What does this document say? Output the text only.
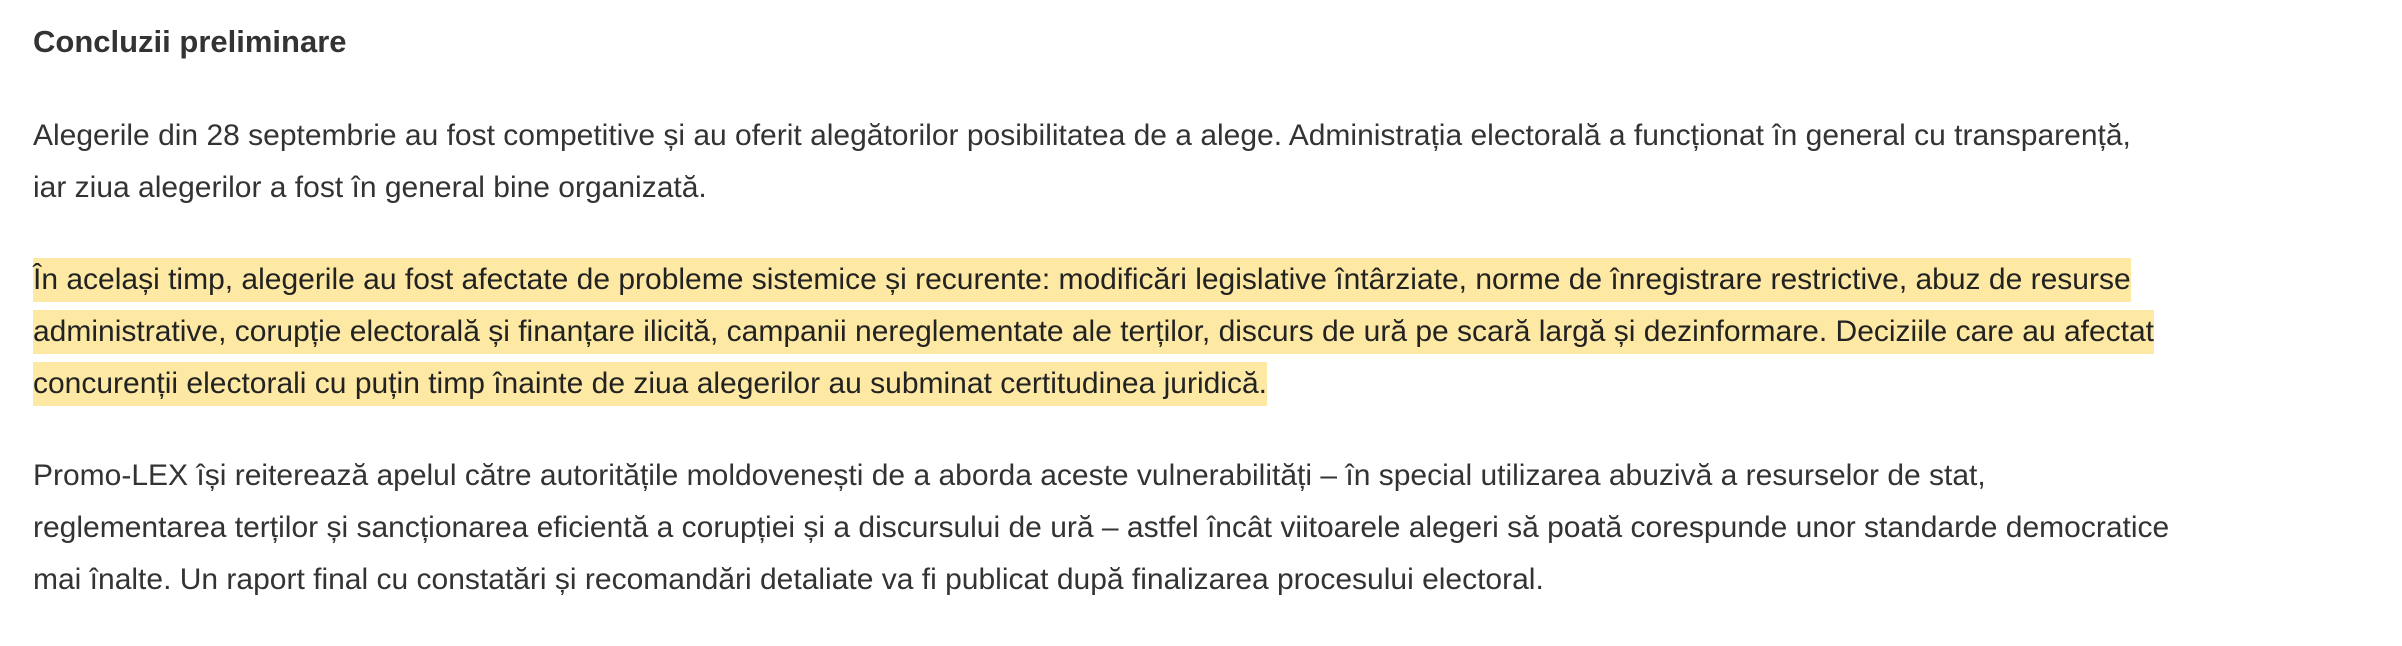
Concluzii preliminare

Alegerile din 28 septembrie au fost competitive și au oferit alegătorilor posibilitatea de a alege. Administrația electorală a funcționat în general cu transparență,
iar ziua alegerilor a fost în general bine organizată.

În același timp, alegerile au fost afectate de probleme sistemice și recurente: modificări legislative întârziate, norme de înregistrare restrictive, abuz de resurse
administrative, corupție electorală și finanțare ilicită, campanii nereglementate ale terților, discurs de ură pe scară largă și dezinformare. Deciziile care au afectat
concurenții electorali cu puțin timp înainte de ziua alegerilor au subminat certitudinea juridică.

Promo-LEX își reiterează apelul către autoritățile moldovenești de a aborda aceste vulnerabilități – în special utilizarea abuzivă a resurselor de stat,
reglementarea terților și sancționarea eficientă a corupției și a discursului de ură – astfel încât viitoarele alegeri să poată corespunde unor standarde democratice
mai înalte. Un raport final cu constatări și recomandări detaliate va fi publicat după finalizarea procesului electoral.
